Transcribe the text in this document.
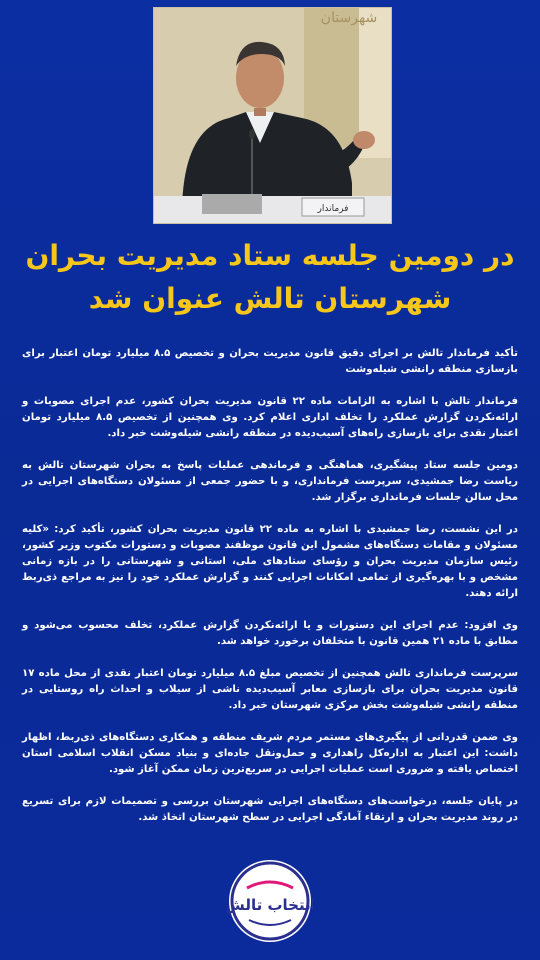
شهرستان
فرماندار
در دومین جلسه ستاد مدیریت بحران
شهرستان تالش عنوان شد

تأکید فرماندار تالش بر اجرای دقیق قانون مدیریت بحران و تخصیص ۸.۵ میلیارد تومان اعتبار برای بازسازی منطقه رانشی شیله‌وشت

فرماندار تالش با اشاره به الزامات ماده ۲۲ قانون مدیریت بحران کشور، عدم اجرای مصوبات و ارائه‌نکردن گزارش عملکرد را تخلف اداری اعلام کرد. وی همچنین از تخصیص ۸.۵ میلیارد تومان اعتبار نقدی برای بازسازی راه‌های آسیب‌دیده در منطقه رانشی شیله‌وشت خبر داد.

دومین جلسه ستاد پیشگیری، هماهنگی و فرماندهی عملیات پاسخ به بحران شهرستان تالش به ریاست رضا جمشیدی، سرپرست فرمانداری، و با حضور جمعی از مسئولان دستگاه‌های اجرایی در محل سالن جلسات فرمانداری برگزار شد.

در این نشست، رضا جمشیدی با اشاره به ماده ۲۲ قانون مدیریت بحران کشور، تأکید کرد: «کلیه مسئولان و مقامات دستگاه‌های مشمول این قانون موظفند مصوبات و دستورات مکتوب وزیر کشور، رئیس سازمان مدیریت بحران و رؤسای ستادهای ملی، استانی و شهرستانی را در بازه زمانی مشخص و با بهره‌گیری از تمامی امکانات اجرایی کنند و گزارش عملکرد خود را نیز به مراجع ذی‌ربط ارائه دهند.

وی افزود: عدم اجرای این دستورات و یا ارائه‌نکردن گزارش عملکرد، تخلف محسوب می‌شود و مطابق با ماده ۲۱ همین قانون با متخلفان برخورد خواهد شد.

سرپرست فرمانداری تالش همچنین از تخصیص مبلغ ۸.۵ میلیارد تومان اعتبار نقدی از محل ماده ۱۷ قانون مدیریت بحران برای بازسازی معابر آسیب‌دیده ناشی از سیلاب و احداث راه روستایی در منطقه رانشی شیله‌وشت بخش مرکزی شهرستان خبر داد.

وی ضمن قدردانی از پیگیری‌های مستمر مردم شریف منطقه و همکاری دستگاه‌های ذی‌ربط، اظهار داشت: این اعتبار به اداره‌کل راهداری و حمل‌ونقل جاده‌ای و بنیاد مسکن انقلاب اسلامی استان اختصاص یافته و ضروری است عملیات اجرایی در سریع‌ترین زمان ممکن آغاز شود.

در پایان جلسه، درخواست‌های دستگاه‌های اجرایی شهرستان بررسی و تصمیمات لازم برای تسریع در روند مدیریت بحران و ارتقاء آمادگی اجرایی در سطح شهرستان اتخاذ شد.

انتخاب تالش
